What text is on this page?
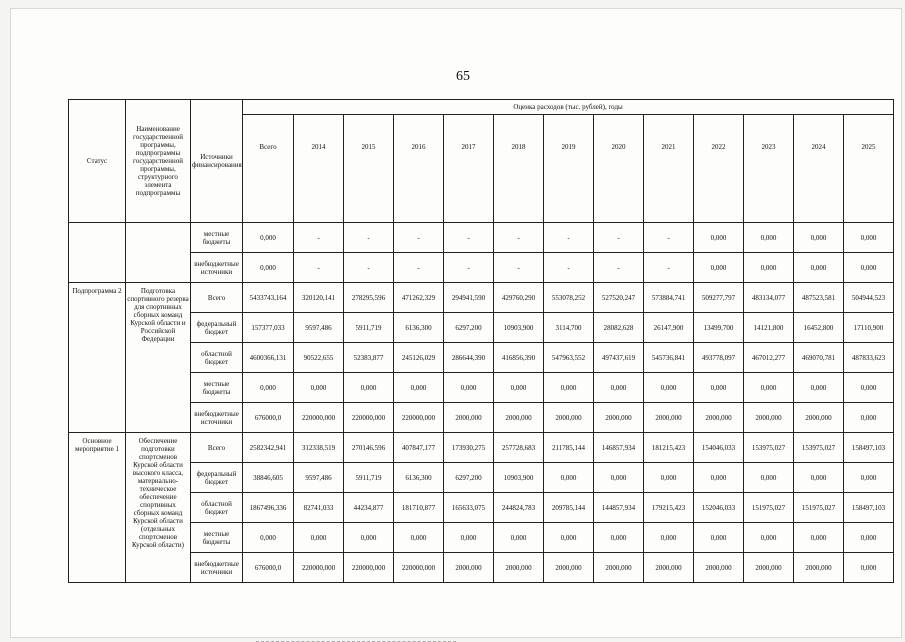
65
Статус	Наименование государственной программы, подпрограммы государственной программы, структурного элемента подпрограммы	Источники финансирования	Оценка расходов (тыс. рублей), годы												
			Всего	2014	2015	2016	2017	2018	2019	2020	2021	2022	2023	2024	2025
		местные бюджеты	0,000	-	-	-	-	-	-	-	-	0,000	0,000	0,000	0,000
		внебюджетные источники	0,000	-	-	-	-	-	-	-	-	0,000	0,000	0,000	0,000
Подпрограмма 2	Подготовка спортивного резерва для спортивных сборных команд Курской области и Российской Федерации	Всего	5433743,164	320120,141	278295,596	471262,329	294941,590	429760,290	553078,252	527520,247	573884,741	509277,797	483134,077	487523,581	504944,523
		федеральный бюджет	157377,033	9597,486	5911,719	6136,300	6297,200	10903,900	3114,700	28082,628	26147,900	13499,700	14121,800	16452,800	17110,900
		областной бюджет	4600366,131	90522,655	52383,877	245126,029	286644,390	416856,390	547963,552	497437,619	545736,841	493778,097	467012,277	469070,781	487833,623
		местные бюджеты	0,000	0,000	0,000	0,000	0,000	0,000	0,000	0,000	0,000	0,000	0,000	0,000	0,000
		внебюджетные источники	676000,0	220000,000	220000,000	220000,000	2000,000	2000,000	2000,000	2000,000	2000,000	2000,000	2000,000	2000,000	0,000
Основное мероприятие 1	Обеспечение подготовки спортсменов Курской области высокого класса, материально-техническое обеспечение спортивных сборных команд Курской области (отдельных спортсменов Курской области)	Всего	2582342,941	312338,519	270146,596	407847,177	173930,275	257728,683	211785,144	146857,934	181215,423	154046,033	153975,027	153975,027	158497,103
		федеральный бюджет	38846,605	9597,486	5911,719	6136,300	6297,200	10903,900	0,000	0,000	0,000	0,000	0,000	0,000	0,000
		областной бюджет	1867496,336	82741,033	44234,877	181710,877	165633,075	244824,783	209785,144	144857,934	179215,423	152046,033	151975,027	151975,027	158497,103
		местные бюджеты	0,000	0,000	0,000	0,000	0,000	0,000	0,000	0,000	0,000	0,000	0,000	0,000	0,000
		внебюджетные источники	676000,0	220000,000	220000,000	220000,000	2000,000	2000,000	2000,000	2000,000	2000,000	2000,000	2000,000	2000,000	0,000
